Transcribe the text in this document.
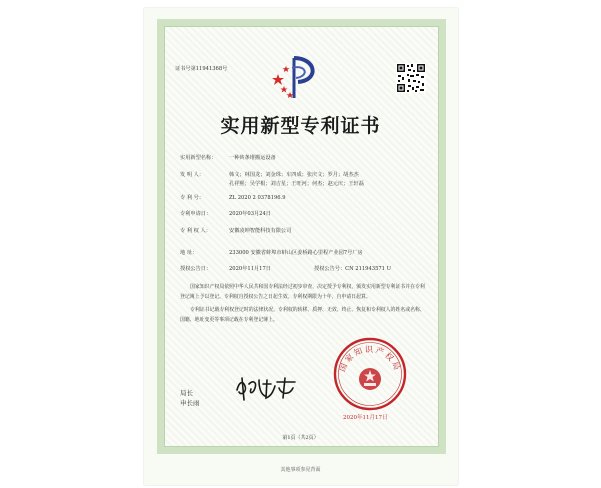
证书号第11941368号
实用新型专利证书
实用新型名称： 一种砖条堆搬运设备
发 明 人：	韩文；林国龙；刘金珠；车四成；张庆文；罗月；胡杰杰
孔祥熙；吴学根；刘吉星；王旺河；何杰；赵元庆；王轩磊
专 利 号：	ZL 2020 2 0378196.9
专利申请日：	2020年03月24日
专 利 权 人：	安徽凌坤智能科技有限公司
地 址：	233000 安徽省蚌埠市蚌山区姜桥路心里程产业园7号厂房
授权公告日：	2020年11月17日	授权公告号：CN 211943571 U

国家知识产权局依照中华人民共和国专利法经过初步审查，决定授予专利权，颁发实用新型专利证书并在专利登记簿上予以登记。专利权自授权公告之日起生效。专利权期限为十年，自申请日起算。

专利证书记载专利权登记时的法律状况。专利权的转移、质押、无效、终止、恢复和专利权人的姓名或名称、国籍、地址变更等事项记载在专利登记簿上。

局长
申长雨
国家知识产权局
2020年11月17日
第1页（共2页）
其他事项参见背面
